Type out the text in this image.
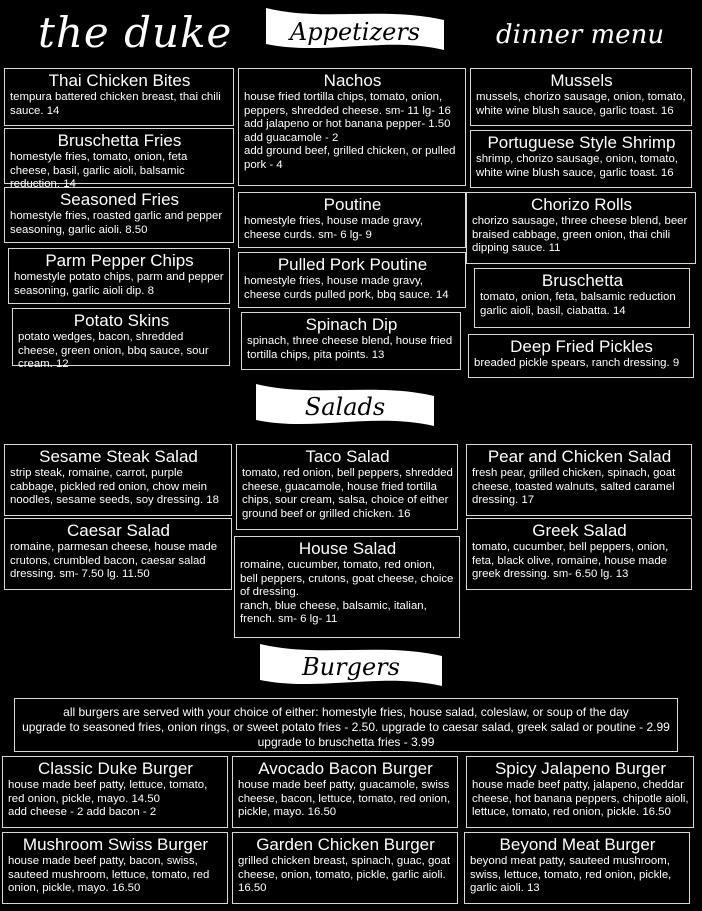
the duke	dinner menu
Appetizers
Thai Chicken Bites

tempura battered chicken breast, thai chili sauce. 14

Bruschetta Fries

homestyle fries, tomato, onion, feta cheese, basil, garlic aioli, balsamic reduction. 14

Seasoned Fries

homestyle fries, roasted garlic and pepper seasoning, garlic aioli. 8.50

Parm Pepper Chips

homestyle potato chips, parm and pepper seasoning, garlic aioli dip. 8

Potato Skins

potato wedges, bacon, shredded cheese, green onion, bbq sauce, sour cream. 12

Nachos

house fried tortilla chips, tomato, onion, peppers, shredded cheese. sm- 11 lg- 16

add jalapeno or hot banana pepper- 1.50

add guacamole - 2

add ground beef, grilled chicken, or pulled pork - 4

Poutine

homestyle fries, house made gravy, cheese curds. sm- 6 lg- 9

Pulled Pork Poutine

homestyle fries, house made gravy, cheese curds pulled pork, bbq sauce. 14

Spinach Dip

spinach, three cheese blend, house fried tortilla chips, pita points. 13

Mussels

mussels, chorizo sausage, onion, tomato, white wine blush sauce, garlic toast. 16

Portuguese Style Shrimp

shrimp, chorizo sausage, onion, tomato, white wine blush sauce, garlic toast. 16

Chorizo Rolls

chorizo sausage, three cheese blend, beer braised cabbage, green onion, thai chili dipping sauce. 11

Bruschetta

tomato, onion, feta, balsamic reduction garlic aioli, basil, ciabatta. 14

Deep Fried Pickles

breaded pickle spears, ranch dressing. 9

Salads
Sesame Steak Salad

strip steak, romaine, carrot, purple cabbage, pickled red onion, chow mein noodles, sesame seeds, soy dressing. 18

Caesar Salad

romaine, parmesan cheese, house made crutons, crumbled bacon, caesar salad dressing. sm- 7.50 lg. 11.50

Taco Salad

tomato, red onion, bell peppers, shredded cheese, guacamole, house fried tortilla chips, sour cream, salsa, choice of either ground beef or grilled chicken. 16

House Salad

romaine, cucumber, tomato, red onion, bell peppers, crutons, goat cheese, choice of dressing.

ranch, blue cheese, balsamic, italian, french. sm- 6 lg- 11

Pear and Chicken Salad

fresh pear, grilled chicken, spinach, goat cheese, toasted walnuts, salted caramel dressing. 17

Greek Salad

tomato, cucumber, bell peppers, onion, feta, black olive, romaine, house made greek dressing. sm- 6.50 lg. 13

Burgers
all burgers are served with your choice of either: homestyle fries, house salad, coleslaw, or soup of the day
upgrade to seasoned fries, onion rings, or sweet potato fries - 2.50. upgrade to caesar salad, greek salad or poutine - 2.99
upgrade to bruschetta fries - 3.99
Classic Duke Burger

house made beef patty, lettuce, tomato, red onion, pickle, mayo. 14.50

add cheese - 2 add bacon - 2

Avocado Bacon Burger

house made beef patty, guacamole, swiss cheese, bacon, lettuce, tomato, red onion, pickle, mayo. 16.50

Spicy Jalapeno Burger

house made beef patty, jalapeno, cheddar cheese, hot banana peppers, chipotle aioli, lettuce, tomato, red onion, pickle. 16.50

Mushroom Swiss Burger

house made beef patty, bacon, swiss, sauteed mushroom, lettuce, tomato, red onion, pickle, mayo. 16.50

Garden Chicken Burger

grilled chicken breast, spinach, guac, goat cheese, onion, tomato, pickle, garlic aioli. 16.50

Beyond Meat Burger

beyond meat patty, sauteed mushroom, swiss, lettuce, tomato, red onion, pickle, garlic aioli. 13
